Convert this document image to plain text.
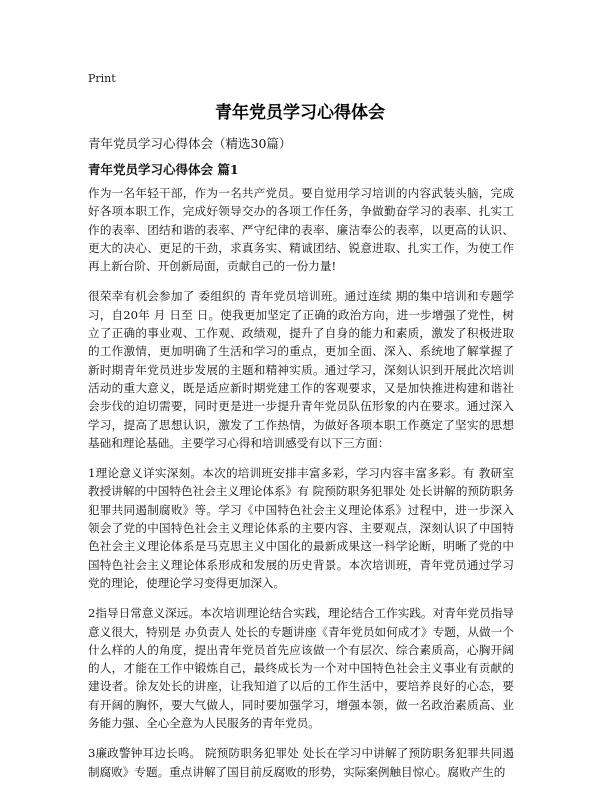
Print
青年党员学习心得体会
青年党员学习心得体会（精选30篇）
青年党员学习心得体会 篇1

作为一名年轻干部，作为一名共产党员。要自觉用学习培训的内容武装头脑，完成好各项本职工作，完成好领导交办的各项工作任务，争做勤奋学习的表率、扎实工作的表率、团结和谐的表率、严守纪律的表率、廉洁奉公的表率，以更高的认识、更大的决心、更足的干劲，求真务实、精诚团结、锐意进取、扎实工作，为使工作再上新台阶、开创新局面，贡献自己的一份力量!

很荣幸有机会参加了 委组织的 青年党员培训班。通过连续 期的集中培训和专题学习，自20年 月 日至 日。使我更加坚定了正确的政治方向，进一步增强了党性，树立了正确的事业观、工作观、政绩观，提升了自身的能力和素质，激发了积极进取的工作激情，更加明确了生活和学习的重点，更加全面、深入、系统地了解掌握了新时期青年党员进步发展的主题和精神实质。通过学习，深刻认识到开展此次培训活动的重大意义，既是适应新时期党建工作的客观要求，又是加快推进构建和谐社会步伐的迫切需要，同时更是进一步提升青年党员队伍形象的内在要求。通过深入学习，提高了思想认识，激发了工作热情，为做好各项本职工作奠定了坚实的思想基础和理论基础。主要学习心得和培训感受有以下三方面：

1理论意义详实深刻。本次的培训班安排丰富多彩，学习内容丰富多彩。有 教研室 教授讲解的中国特色社会主义理论体系》有 院预防职务犯罪处 处长讲解的预防职务犯罪共同遏制腐败》等。学习《中国特色社会主义理论体系》过程中，进一步深入领会了党的中国特色社会主义理论体系的主要内容、主要观点，深刻认识了中国特色社会主义理论体系是马克思主义中国化的最新成果这一科学论断，明晰了党的中国特色社会主义理论体系形成和发展的历史背景。本次培训班，青年党员通过学习党的理论，使理论学习变得更加深入。

2指导日常意义深远。本次培训理论结合实践，理论结合工作实践。对青年党员指导意义很大，特别是 办负责人 处长的专题讲座《青年党员如何成才》专题，从做一个什么样的人的角度，提出青年党员首先应该做一个有层次、综合素质高，心胸开阔的人，才能在工作中锻炼自己，最终成长为一个对中国特色社会主义事业有贡献的建设者。徐友处长的讲座，让我知道了以后的工作生活中，要培养良好的心态，要有开阔的胸怀，要大气做人，同时要加强学习，增强本领，做一名政治素质高、业务能力强、全心全意为人民服务的青年党员。

3廉政警钟耳边长鸣。 院预防职务犯罪处 处长在学习中讲解了预防职务犯罪共同遏制腐败》专题。重点讲解了国目前反腐败的形势，实际案例触目惊心。腐败产生的
